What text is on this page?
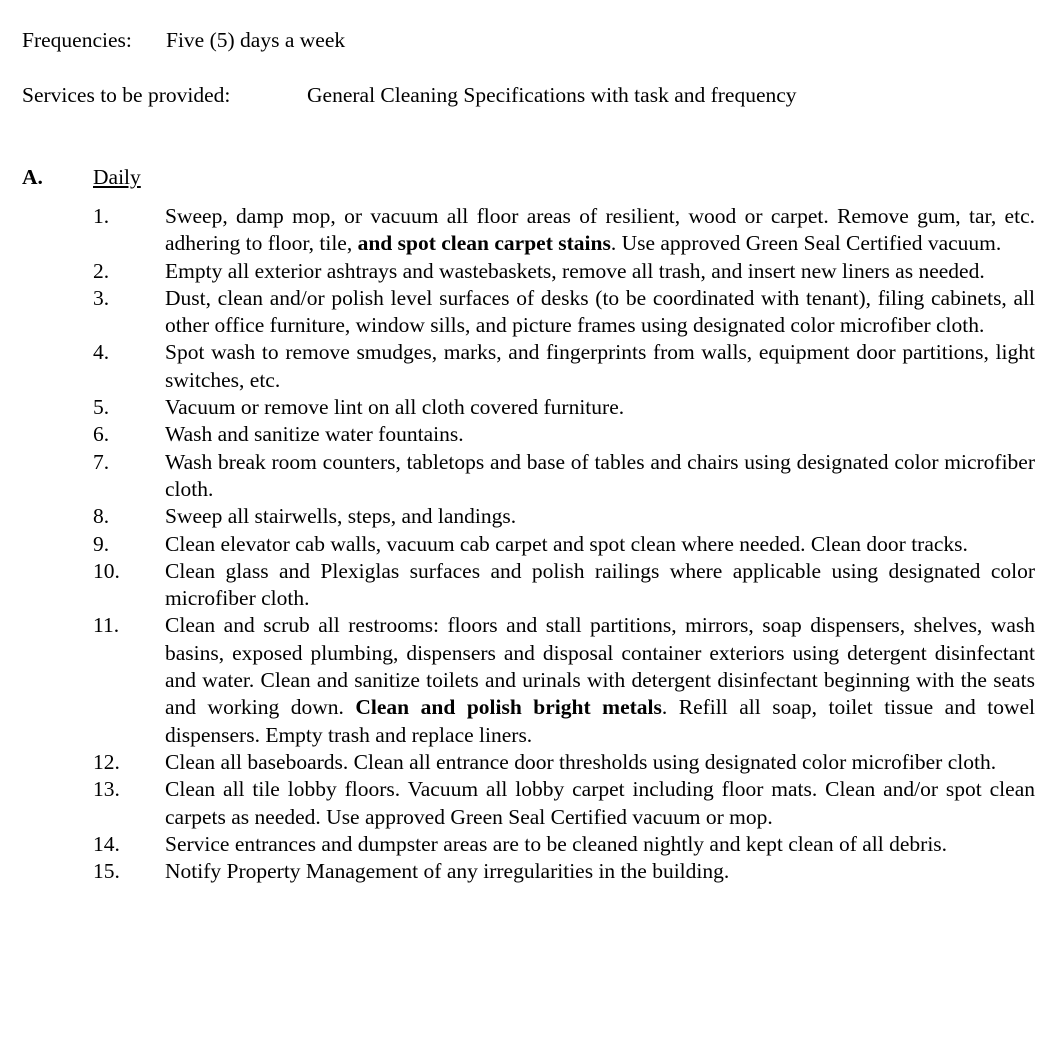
Frequencies: Five (5) days a week
Services to be provided:	General Cleaning Specifications with task and frequency
A. Daily
1.	Sweep, damp mop, or vacuum all floor areas of resilient, wood or carpet. Remove gum, tar, etc. adhering to floor, tile, and spot clean carpet stains. Use approved Green Seal Certified vacuum.
2.	Empty all exterior ashtrays and wastebaskets, remove all trash, and insert new liners as needed.
3.	Dust, clean and/or polish level surfaces of desks (to be coordinated with tenant), filing cabinets, all other office furniture, window sills, and picture frames using designated color microfiber cloth.
4.	Spot wash to remove smudges, marks, and fingerprints from walls, equipment door partitions, light switches, etc.
5.	Vacuum or remove lint on all cloth covered furniture.
6.	Wash and sanitize water fountains.
7.	Wash break room counters, tabletops and base of tables and chairs using designated color microfiber cloth.
8.	Sweep all stairwells, steps, and landings.
9.	Clean elevator cab walls, vacuum cab carpet and spot clean where needed. Clean door tracks.
10.	Clean glass and Plexiglas surfaces and polish railings where applicable using designated color microfiber cloth.
11.	Clean and scrub all restrooms: floors and stall partitions, mirrors, soap dispensers, shelves, wash basins, exposed plumbing, dispensers and disposal container exteriors using detergent disinfectant and water. Clean and sanitize toilets and urinals with detergent disinfectant beginning with the seats and working down. Clean and polish bright metals. Refill all soap, toilet tissue and towel dispensers. Empty trash and replace liners.
12.	Clean all baseboards. Clean all entrance door thresholds using designated color microfiber cloth.
13.	Clean all tile lobby floors. Vacuum all lobby carpet including floor mats. Clean and/or spot clean carpets as needed. Use approved Green Seal Certified vacuum or mop.
14.	Service entrances and dumpster areas are to be cleaned nightly and kept clean of all debris.
15.	Notify Property Management of any irregularities in the building.
